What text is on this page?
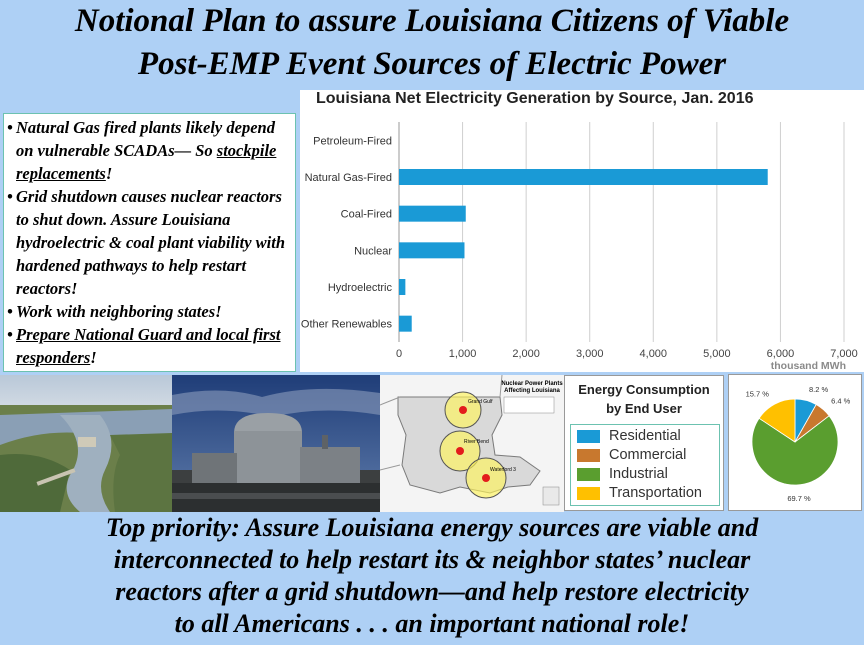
Notional Plan to assure Louisiana Citizens of Viable
Post-EMP Event Sources of Electric Power
• Natural Gas fired plants likely depend on vulnerable SCADAs— So stockpile replacements!
• Grid shutdown causes nuclear reactors to shut down. Assure Louisiana hydroelectric & coal plant viability with hardened pathways to help restart reactors!
• Work with neighboring states!
• Prepare National Guard and local first responders!
Louisiana Net Electricity Generation by Source, Jan. 2016
0	1,000	2,000	3,000	4,000	5,000	6,000	7,000
thousand MWh
Petroleum-Fired
Natural Gas-Fired
Coal-Fired
Nuclear
Hydroelectric
Other Renewables
Nuclear Power Plants
Affecting Louisiana
Grand Gulf
River Bend
Waterford 3
Energy Consumption
by End User
Residential
Commercial
Industrial
Transportation
8.2 %
6.4 %
69.7 %
15.7 %
Top priority: Assure Louisiana energy sources are viable and
interconnected to help restart its & neighbor states’ nuclear
reactors after a grid shutdown—and help restore electricity
to all Americans . . . an important national role!
